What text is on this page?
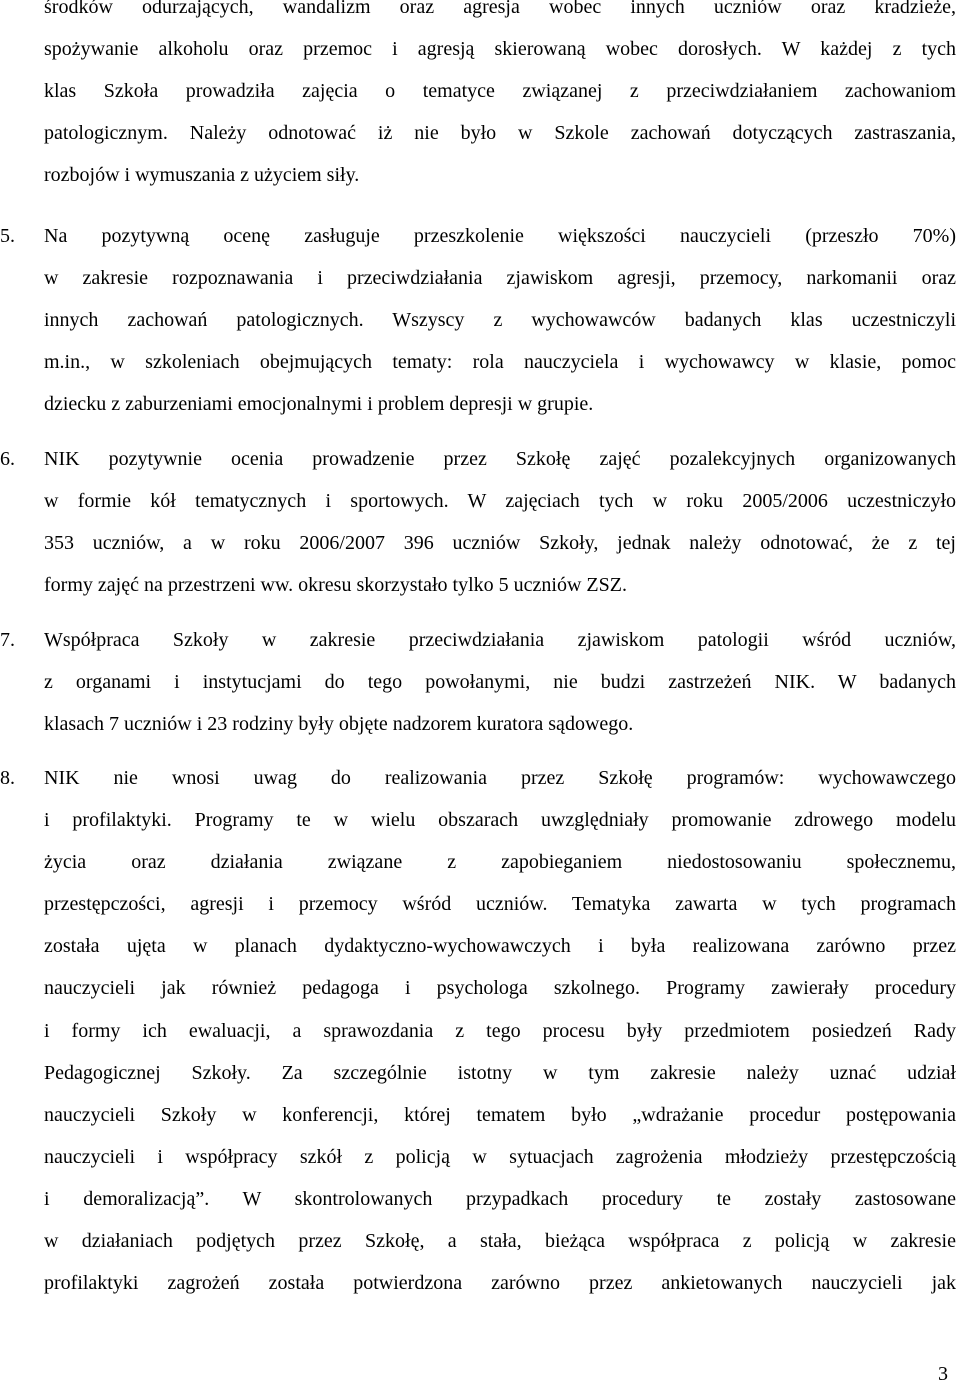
środków odurzających, wandalizm oraz agresja wobec innych uczniów oraz kradzieże,
spożywanie alkoholu oraz przemoc i agresją skierowaną wobec dorosłych. W każdej z tych
klas Szkoła prowadziła zajęcia o tematyce związanej z przeciwdziałaniem zachowaniom
patologicznym. Należy odnotować iż nie było w Szkole zachowań dotyczących zastraszania,
rozbojów i wymuszania z użyciem siły.
5. Na pozytywną ocenę zasługuje przeszkolenie większości nauczycieli (przeszło 70%)
w zakresie rozpoznawania i przeciwdziałania zjawiskom agresji, przemocy, narkomanii oraz
innych zachowań patologicznych. Wszyscy z wychowawców badanych klas uczestniczyli
m.in., w szkoleniach obejmujących tematy: rola nauczyciela i wychowawcy w klasie, pomoc
dziecku z zaburzeniami emocjonalnymi i problem depresji w grupie.
6. NIK pozytywnie ocenia prowadzenie przez Szkołę zajęć pozalekcyjnych organizowanych
w formie kół tematycznych i sportowych. W zajęciach tych w roku 2005/2006 uczestniczyło
353 uczniów, a w roku 2006/2007 396 uczniów Szkoły, jednak należy odnotować, że z tej
formy zajęć na przestrzeni ww. okresu skorzystało tylko 5 uczniów ZSZ.
7. Współpraca Szkoły w zakresie przeciwdziałania zjawiskom patologii wśród uczniów,
z organami i instytucjami do tego powołanymi, nie budzi zastrzeżeń NIK. W badanych
klasach 7 uczniów i 23 rodziny były objęte nadzorem kuratora sądowego.
8. NIK nie wnosi uwag do realizowania przez Szkołę programów: wychowawczego
i profilaktyki. Programy te w wielu obszarach uwzględniały promowanie zdrowego modelu
życia oraz działania związane z zapobieganiem niedostosowaniu społecznemu,
przestępczości, agresji i przemocy wśród uczniów. Tematyka zawarta w tych programach
została ujęta w planach dydaktyczno-wychowawczych i była realizowana zarówno przez
nauczycieli jak również pedagoga i psychologa szkolnego. Programy zawierały procedury
i formy ich ewaluacji, a sprawozdania z tego procesu były przedmiotem posiedzeń Rady
Pedagogicznej Szkoły. Za szczególnie istotny w tym zakresie należy uznać udział
nauczycieli Szkoły w konferencji, której tematem było „wdrażanie procedur postępowania
nauczycieli i współpracy szkół z policją w sytuacjach zagrożenia młodzieży przestępczością
i demoralizacją”. W skontrolowanych przypadkach procedury te zostały zastosowane
w działaniach podjętych przez Szkołę, a stała, bieżąca współpraca z policją w zakresie
profilaktyki zagrożeń została potwierdzona zarówno przez ankietowanych nauczycieli jak
3
